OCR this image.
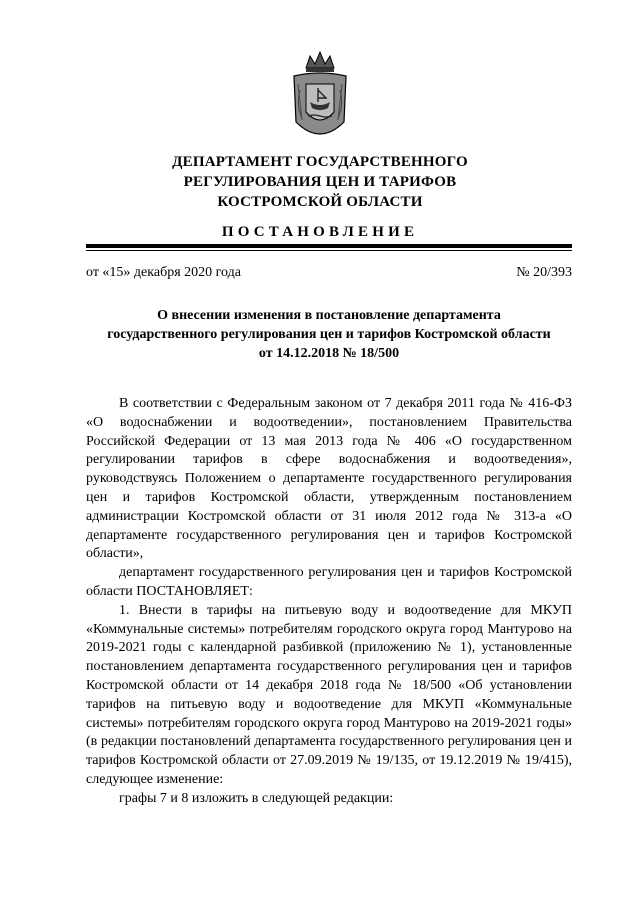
ДЕПАРТАМЕНТ ГОСУДАРСТВЕННОГО
РЕГУЛИРОВАНИЯ ЦЕН И ТАРИФОВ
КОСТРОМСКОЙ ОБЛАСТИ
ПОСТАНОВЛЕНИЕ
от «15» декабря 2020 года	№ 20/393
О внесении изменения в постановление департамента
государственного регулирования цен и тарифов Костромской области
от 14.12.2018 № 18/500

В соответствии с Федеральным законом от 7 декабря 2011 года № 416-ФЗ «О водоснабжении и водоотведении», постановлением Правительства Российской Федерации от 13 мая 2013 года № 406 «О государственном регулировании тарифов в сфере водоснабжения и водоотведения», руководствуясь Положением о департаменте государственного регулирования цен и тарифов Костромской области, утвержденным постановлением администрации Костромской области от 31 июля 2012 года № 313-а «О департаменте государственного регулирования цен и тарифов Костромской области»,

департамент государственного регулирования цен и тарифов Костромской области ПОСТАНОВЛЯЕТ:

1. Внести в тарифы на питьевую воду и водоотведение для МКУП «Коммунальные системы» потребителям городского округа город Мантурово на 2019-2021 годы с календарной разбивкой (приложению № 1), установленные постановлением департамента государственного регулирования цен и тарифов Костромской области от 14 декабря 2018 года № 18/500 «Об установлении тарифов на питьевую воду и водоотведение для МКУП «Коммунальные системы» потребителям городского округа город Мантурово на 2019-2021 годы» (в редакции постановлений департамента государственного регулирования цен и тарифов Костромской области от 27.09.2019 № 19/135, от 19.12.2019 № 19/415), следующее изменение:

графы 7 и 8 изложить в следующей редакции:
